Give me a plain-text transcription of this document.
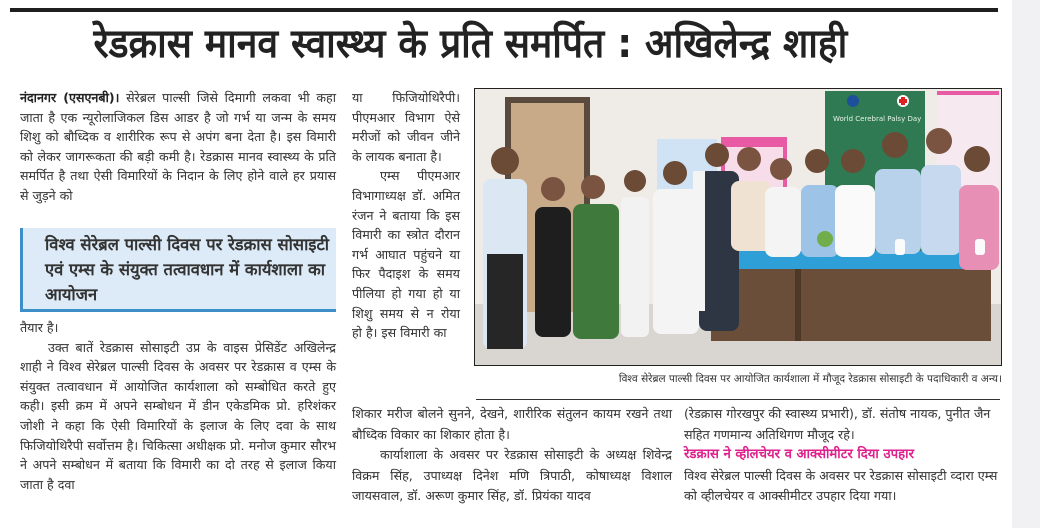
रेडक्रास मानव स्वास्थ्य के प्रति समर्पित : अखिलेन्द्र शाही

नंदानगर (एसएनबी)। सेरेब्रल पाल्सी जिसे दिमागी लकवा भी कहा जाता है एक न्यूरोलाजिकल डिस आडर है जो गर्भ या जन्म के समय शिशु को बौध्दिक व शारीरिक रूप से अपंग बना देता है। इस विमारी को लेकर जागरूकता की बड़ी कमी है। रेडक्रास मानव स्वास्थ्य के प्रति समर्पित है तथा ऐसी विमारियों के निदान के लिए होने वाले हर प्रयास से जुड़ने को

विश्व सेरेब्रल पाल्सी दिवस पर रेडक्रास सोसाइटी एवं एम्स के संयुक्त तत्वावधान में कार्यशाला का आयोजन

तैयार है।

उक्त बातें रेडक्रास सोसाइटी उप्र के वाइस प्रेसिडेंट अखिलेन्द्र शाही ने विश्व सेरेब्रल पाल्सी दिवस के अवसर पर रेडक्रास व एम्स के संयुक्त तत्वावधान में आयोजित कार्यशाला को सम्बोधित करते हुए कही। इसी क्रम में अपने सम्बोधन में डीन एकेडमिक प्रो. हरिशंकर जोशी ने कहा कि ऐसी विमारियों के इलाज के लिए दवा के साथ फिजियोथिरैपी सर्वोत्तम है। चिकित्सा अधीक्षक प्रो. मनोज कुमार सौरभ ने अपने सम्बोधन में बताया कि विमारी का दो तरह से इलाज किया जाता है दवा

या फिजियोथिरैपी। पीएमआर विभाग ऐसे मरीजों को जीवन जीने के लायक बनाता है।

एम्स पीएमआर विभागाध्यक्ष डॉ. अमित रंजन ने बताया कि इस विमारी का स्त्रोत दौरान गर्भ आघात पहुंचने या फिर पैदाइश के समय पीलिया हो गया हो या शिशु समय से न रोया हो है। इस विमारी का

World Cerebral Palsy Day
विश्व सेरेब्रल पाल्सी दिवस पर आयोजित कार्यशाला में मौजूद रेडक्रास सोसाइटी के पदाधिकारी व अन्य।

शिकार मरीज बोलने सुनने, देखने, शारीरिक संतुलन कायम रखने तथा बौध्दिक विकार का शिकार होता है।

कार्याशाला के अवसर पर रेडक्रास सोसाइटी के अध्यक्ष शिवेन्द्र विक्रम सिंह, उपाध्यक्ष दिनेश मणि त्रिपाठी, कोषाध्यक्ष विशाल जायसवाल, डॉ. अरूण कुमार सिंह, डॉ. प्रियंका यादव

(रेडक्रास गोरखपुर की स्वास्थ्य प्रभारी), डॉ. संतोष नायक, पुनीत जैन सहित गणमान्य अतिथिगण मौजूद रहे।

रेडक्रास ने व्हीलचेयर व आक्सीमीटर दिया उपहार

विश्व सेरेब्रल पाल्सी दिवस के अवसर पर रेडक्रास सोसाइटी व्दारा एम्स को व्हीलचेयर व आक्सीमीटर उपहार दिया गया।
